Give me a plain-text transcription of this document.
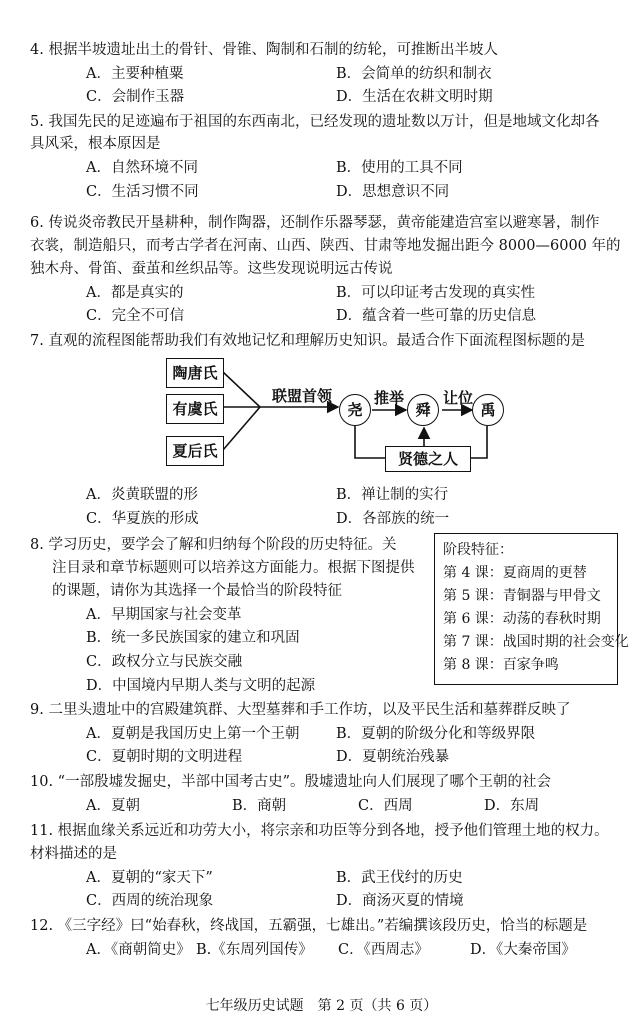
4. 根据半坡遗址出土的骨针、骨锥、陶制和石制的纺轮，可推断出半坡人
A．主要种植粟	B．会简单的纺织和制衣
C．会制作玉器	D．生活在农耕文明时期
5. 我国先民的足迹遍布于祖国的东西南北，已经发现的遗址数以万计，但是地域文化却各
具风采，根本原因是
A．自然环境不同	B．使用的工具不同
C．生活习惯不同	D．思想意识不同
6. 传说炎帝教民开垦耕种，制作陶器，还制作乐器琴瑟，黄帝能建造宫室以避寒暑，制作
衣裳，制造船只，而考古学者在河南、山西、陕西、甘肃等地发掘出距今 8000—6000 年的
独木舟、骨笛、蚕茧和丝织品等。这些发现说明远古传说
A．都是真实的	B．可以印证考古发现的真实性
C．完全不可信	D．蕴含着一些可靠的历史信息
7. 直观的流程图能帮助我们有效地记忆和理解历史知识。最适合作下面流程图标题的是
陶唐氏
有虞氏
夏后氏
联盟首领	推举	让位
尧	舜	禹
贤德之人
A．炎黄联盟的形	B．禅让制的实行
C．华夏族的形成	D．各部族的统一
8. 学习历史，要学会了解和归纳每个阶段的历史特征。关
注目录和章节标题则可以培养这方面能力。根据下图提供
的课题，请你为其选择一个最恰当的阶段特征
A．早期国家与社会变革
B．统一多民族国家的建立和巩固
C．政权分立与民族交融
D．中国境内早期人类与文明的起源
阶段特征：
第 4 课：夏商周的更替
第 5 课：青铜器与甲骨文
第 6 课：动荡的春秋时期
第 7 课：战国时期的社会变化
第 8 课：百家争鸣
9. 二里头遗址中的宫殿建筑群、大型墓葬和手工作坊，以及平民生活和墓葬群反映了
A．夏朝是我国历史上第一个王朝	B．夏朝的阶级分化和等级界限
C．夏朝时期的文明进程	D．夏朝统治残暴
10. “一部殷墟发掘史，半部中国考古史”。殷墟遗址向人们展现了哪个王朝的社会
A．夏朝	B．商朝	C．西周	D．东周
11. 根据血缘关系远近和功劳大小，将宗亲和功臣等分到各地，授予他们管理土地的权力。
材料描述的是
A．夏朝的“家天下”	B．武王伐纣的历史
C．西周的统治现象	D．商汤灭夏的情境
12. 《三字经》曰“始春秋，终战国，五霸强，七雄出。”若编撰该段历史，恰当的标题是
A．《商朝简史》 B.《东周列国传》 C．《西周志》	D．《大秦帝国》
七年级历史试题　第 2 页（共 6 页）
